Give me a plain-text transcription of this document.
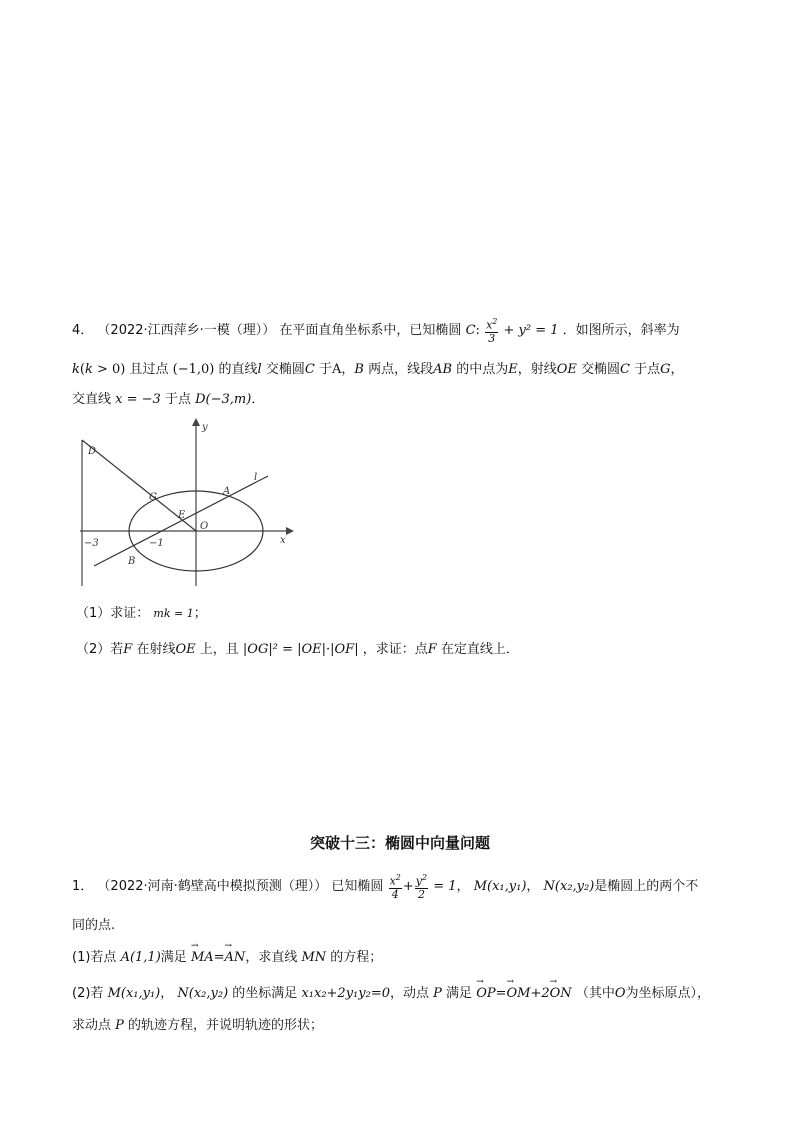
4． （2022·江西萍乡·一模（理）） 在平面直角坐标系中，已知椭圆 C: $\frac{x^2}{3} + y^2 = 1$ ．如图所示，斜率为
k(k > 0) 且过点 (−1,0) 的直线l 交椭圆C 于A，B 两点，线段AB 的中点为E，射线OE 交椭圆C 于点G，
交直线 x = −3 于点 D(−3,m)．
D
y
l
G
A
E
O
x
−3	−1
B
（1）求证： mk = 1；
（2）若F 在射线OE 上，且 |OG|² = |OE|·|OF| ，求证：点F 在定直线上．
突破十三：椭圆中向量问题
1． （2022·河南·鹤壁高中模拟预测（理）） 已知椭圆 $\frac{x^2}{4} + \frac{y^2}{2} = 1$， M(x₁,y₁)， N(x₂,y₂)是椭圆上的两个不
同的点.
(1)若点 A(1,1)满足 → MA=→ AN，求直线 MN 的方程；
(2)若 M(x₁,y₁)， N(x₂,y₂) 的坐标满足 x₁x₂+2y₁y₂=0，动点 P 满足 → OP=→ OM+2→ ON （其中O为坐标原点），
求动点 P 的轨迹方程，并说明轨迹的形状；
